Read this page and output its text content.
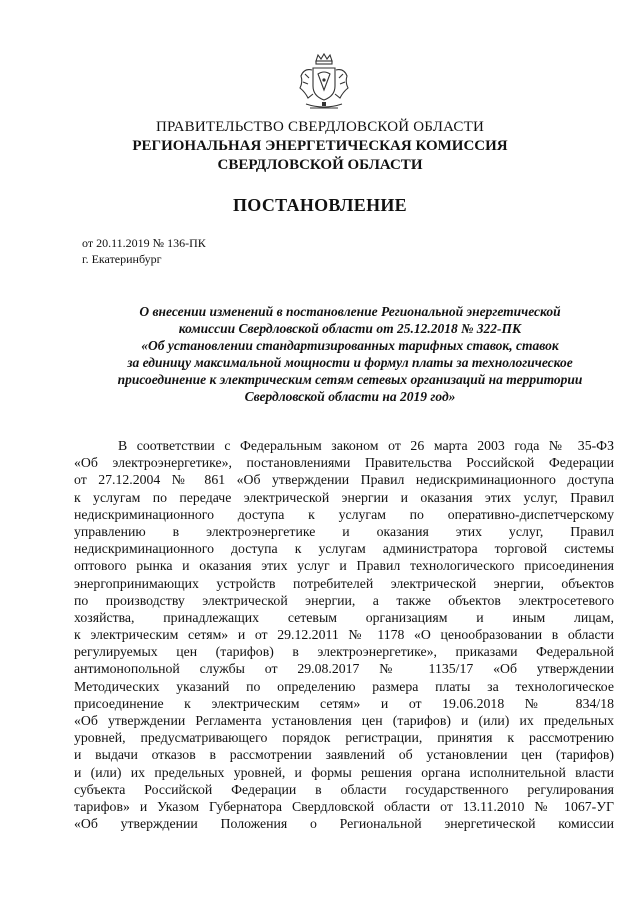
ПРАВИТЕЛЬСТВО СВЕРДЛОВСКОЙ ОБЛАСТИ
РЕГИОНАЛЬНАЯ ЭНЕРГЕТИЧЕСКАЯ КОМИССИЯ
СВЕРДЛОВСКОЙ ОБЛАСТИ
ПОСТАНОВЛЕНИЕ
от 20.11.2019 № 136-ПК
г. Екатеринбург
О внесении изменений в постановление Региональной энергетической
комиссии Свердловской области от 25.12.2018 № 322-ПК
«Об установлении стандартизированных тарифных ставок, ставок
за единицу максимальной мощности и формул платы за технологическое
присоединение к электрическим сетям сетевых организаций на территории
Свердловской области на 2019 год»
В соответствии с Федеральным законом от 26 марта 2003 года № 35-ФЗ
«Об электроэнергетике», постановлениями Правительства Российской Федерации
от 27.12.2004 № 861 «Об утверждении Правил недискриминационного доступа
к услугам по передаче электрической энергии и оказания этих услуг, Правил
недискриминационного доступа к услугам по оперативно-диспетчерскому
управлению в электроэнергетике и оказания этих услуг, Правил
недискриминационного доступа к услугам администратора торговой системы
оптового рынка и оказания этих услуг и Правил технологического присоединения
энергопринимающих устройств потребителей электрической энергии, объектов
по производству электрической энергии, а также объектов электросетевого
хозяйства, принадлежащих сетевым организациям и иным лицам,
к электрическим сетям» и от 29.12.2011 № 1178 «О ценообразовании в области
регулируемых цен (тарифов) в электроэнергетике», приказами Федеральной
антимонопольной службы от 29.08.2017 № 1135/17 «Об утверждении
Методических указаний по определению размера платы за технологическое
присоединение к электрическим сетям» и от 19.06.2018 № 834/18
«Об утверждении Регламента установления цен (тарифов) и (или) их предельных
уровней, предусматривающего порядок регистрации, принятия к рассмотрению
и выдачи отказов в рассмотрении заявлений об установлении цен (тарифов)
и (или) их предельных уровней, и формы решения органа исполнительной власти
субъекта Российской Федерации в области государственного регулирования
тарифов» и Указом Губернатора Свердловской области от 13.11.2010 № 1067-УГ
«Об утверждении Положения о Региональной энергетической комиссии
